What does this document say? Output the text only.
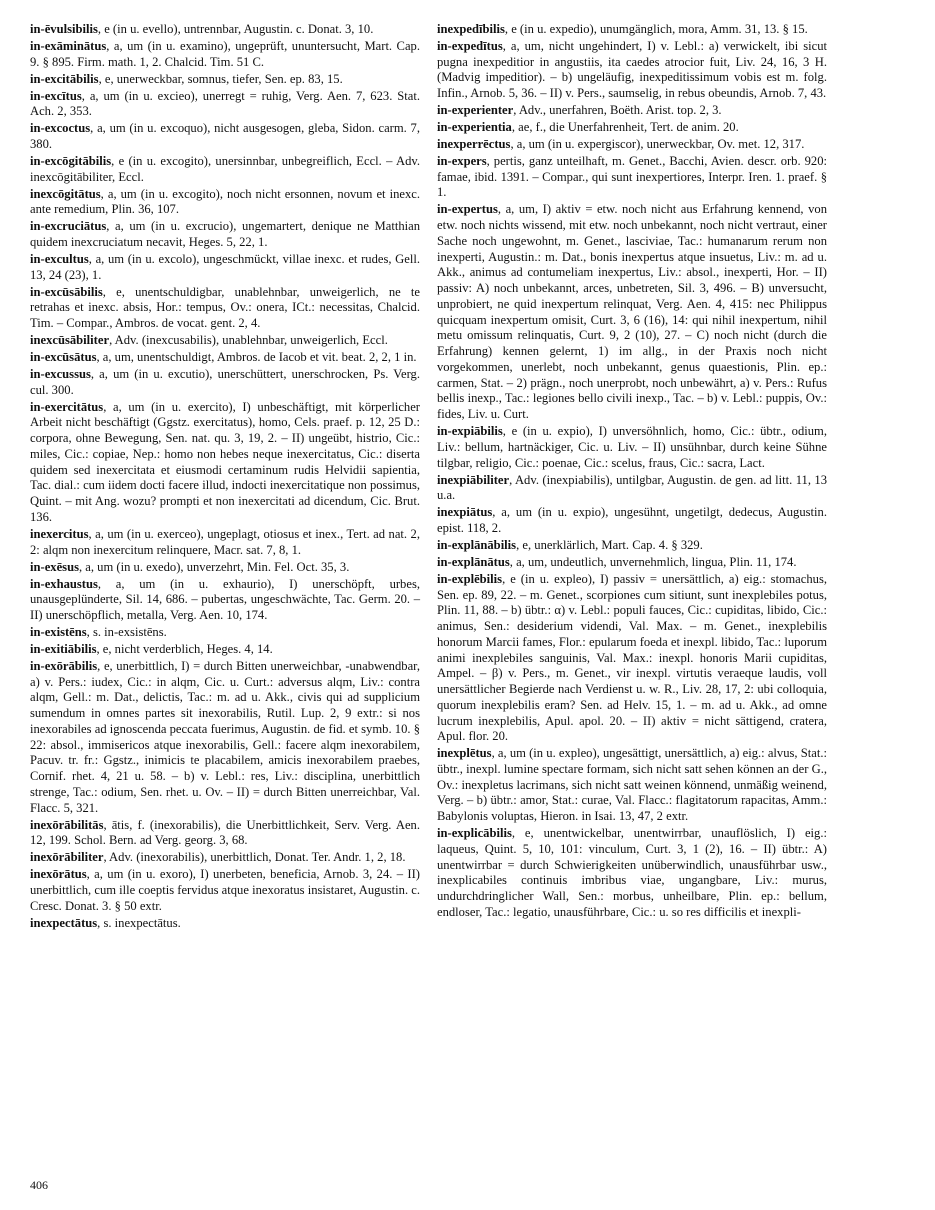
in-ēvulsibilis, e (in u. evello), untrennbar, Augustin. c. Donat. 3, 10.
in-exāminātus, a, um (in u. examino), ungeprüft, ununtersucht, Mart. Cap. 9. § 895. Firm. math. 1, 2. Chalcid. Tim. 51 C.
in-excitābilis, e, unerweckbar, somnus, tiefer, Sen. ep. 83, 15.
in-excītus, a, um (in u. excieo), unerregt = ruhig, Verg. Aen. 7, 623. Stat. Ach. 2, 353.
in-excoctus, a, um (in u. excoquo), nicht ausgesogen, gleba, Sidon. carm. 7, 380.
in-excōgitābilis, e (in u. excogito), unersinnbar, unbegreiflich, Eccl. – Adv. inexcōgitābiliter, Eccl.
inexcōgitātus, a, um (in u. excogito), noch nicht ersonnen, novum et inexc. ante remedium, Plin. 36, 107.
in-excruciātus, a, um (in u. excrucio), ungemartert, denique ne Matthian quidem inexcruciatum necavit, Heges. 5, 22, 1.
in-excultus, a, um (in u. excolo), ungeschmückt, villae inexc. et rudes, Gell. 13, 24 (23), 1.
in-excūsābilis, e, unentschuldigbar, unablehnbar, unweigerlich, ne te retrahas et inexc. absis, Hor.: tempus, Ov.: onera, ICt.: necessitas, Chalcid. Tim. – Compar., Ambros. de vocat. gent. 2, 4.
inexcūsābiliter, Adv. (inexcusabilis), unablehnbar, unweigerlich, Eccl.
in-excūsātus, a, um, unentschuldigt, Ambros. de Iacob et vit. beat. 2, 2, 1 in.
in-excussus, a, um (in u. excutio), unerschüttert, unerschrocken, Ps. Verg. cul. 300.
in-exercitātus, a, um (in u. exercito), I) unbeschäftigt, mit körperlicher Arbeit nicht beschäftigt (Ggstz. exercitatus), homo, Cels. praef. p. 12, 25 D.: corpora, ohne Bewegung, Sen. nat. qu. 3, 19, 2. – II) ungeübt, histrio, Cic.: miles, Cic.: copiae, Nep.: homo non hebes neque inexercitatus, Cic.: diserta quidem sed inexercitata et eiusmodi certaminum rudis Helvidii sapientia, Tac. dial.: cum iidem docti facere illud, indocti inexercitatique non possimus, Quint. – mit Ang. wozu? prompti et non inexercitati ad dicendum, Cic. Brut. 136.
inexercitus, a, um (in u. exerceo), ungeplagt, otiosus et inex., Tert. ad nat. 2, 2: alqm non inexercitum relinquere, Macr. sat. 7, 8, 1.
in-exēsus, a, um (in u. exedo), unverzehrt, Min. Fel. Oct. 35, 3.
in-exhaustus, a, um (in u. exhaurio), I) unerschöpft, urbes, unausgeplünderte, Sil. 14, 686. – pubertas, ungeschwächte, Tac. Germ. 20. – II) unerschöpflich, metalla, Verg. Aen. 10, 174.
in-existēns, s. in-exsistēns.
in-exitiābilis, e, nicht verderblich, Heges. 4, 14.
in-exōrābilis, e, unerbittlich, I) = durch Bitten unerweichbar, -unabwendbar, a) v. Pers.: iudex, Cic.: in alqm, Cic. u. Curt.: adversus alqm, Liv.: contra alqm, Gell.: m. Dat., delictis, Tac.: m. ad u. Akk., civis qui ad supplicium sumendum in omnes partes sit inexorabilis, Rutil. Lup. 2, 9 extr.: si nos inexorabiles ad ignoscenda peccata fuerimus, Augustin. de fid. et symb. 10. § 22: absol., immisericos atque inexorabilis, Gell.: facere alqm inexorabilem, Pacuv. tr. fr.: Ggstz., inimicis te placabilem, amicis inexorabilem praebes, Cornif. rhet. 4, 21 u. 58. – b) v. Lebl.: res, Liv.: disciplina, unerbittlich strenge, Tac.: odium, Sen. rhet. u. Ov. – II) = durch Bitten unerreichbar, Val. Flacc. 5, 321.
inexōrābilitās, ātis, f. (inexorabilis), die Unerbittlichkeit, Serv. Verg. Aen. 12, 199. Schol. Bern. ad Verg. georg. 3, 68.
inexōrābiliter, Adv. (inexorabilis), unerbittlich, Donat. Ter. Andr. 1, 2, 18.
inexōrātus, a, um (in u. exoro), I) unerbeten, beneficia, Arnob. 3, 24. – II) unerbittlich, cum ille coeptis fervidus atque inexoratus insistaret, Augustin. c. Cresc. Donat. 3. § 50 extr.
inexpectātus, s. inexpectātus.
inexpedībilis, e (in u. expedio), unumgänglich, mora, Amm. 31, 13. § 15.
in-expedītus, a, um, nicht ungehindert, I) v. Lebl.: a) verwickelt, ibi sicut pugna inexpeditior in angustiis, ita caedes atrocior fuit, Liv. 24, 16, 3 H. (Madvig impeditior). – b) ungeläufig, inexpeditissimum vobis est m. folg. Infin., Arnob. 5, 36. – II) v. Pers., saumselig, in rebus obeundis, Arnob. 7, 43.
in-experienter, Adv., unerfahren, Boëth. Arist. top. 2, 3.
in-experientia, ae, f., die Unerfahrenheit, Tert. de anim. 20.
inexperrēctus, a, um (in u. expergiscor), unerweckbar, Ov. met. 12, 317.
in-expers, pertis, ganz unteilhaft, m. Genet., Bacchi, Avien. descr. orb. 920: famae, ibid. 1391. – Compar., qui sunt inexpertiores, Interpr. Iren. 1. praef. § 1.
in-expertus, a, um, I) aktiv = etw. noch nicht aus Erfahrung kennend, von etw. noch nichts wissend, mit etw. noch unbekannt, noch nicht vertraut, einer Sache noch ungewohnt, m. Genet., lasciviae, Tac.: humanarum rerum non inexperti, Augustin.: m. Dat., bonis inexpertus atque insuetus, Liv.: m. ad u. Akk., animus ad contumeliam inexpertus, Liv.: absol., inexperti, Hor. – II) passiv: A) noch unbekannt, arces, unbetreten, Sil. 3, 496. – B) unversucht, unprobiert, ne quid inexpertum relinquat, Verg. Aen. 4, 415: nec Philippus quicquam inexpertum omisit, Curt. 3, 6 (16), 14: qui nihil inexpertum, nihil metu omissum relinquatis, Curt. 9, 2 (10), 27. – C) noch nicht (durch die Erfahrung) kennen gelernt, 1) im allg., in der Praxis noch nicht vorgekommen, unerlebt, noch unbekannt, genus quaestionis, Plin. ep.: carmen, Stat. – 2) prägn., noch unerprobt, noch unbewährt, a) v. Pers.: Rufus bellis inexp., Tac.: legiones bello civili inexp., Tac. – b) v. Lebl.: puppis, Ov.: fides, Liv. u. Curt.
in-expiābilis, e (in u. expio), I) unversöhnlich, homo, Cic.: übtr., odium, Liv.: bellum, hartnäckiger, Cic. u. Liv. – II) unsühnbar, durch keine Sühne tilgbar, religio, Cic.: poenae, Cic.: scelus, fraus, Cic.: sacra, Lact.
inexpiābiliter, Adv. (inexpiabilis), untilgbar, Augustin. de gen. ad litt. 11, 13 u.a.
inexpiātus, a, um (in u. expio), ungesühnt, ungetilgt, dedecus, Augustin. epist. 118, 2.
in-explānābilis, e, unerklärlich, Mart. Cap. 4. § 329.
in-explānātus, a, um, undeutlich, unvernehmlich, lingua, Plin. 11, 174.
in-explēbilis, e (in u. expleo), I) passiv = unersättlich, a) eig.: stomachus, Sen. ep. 89, 22. – m. Genet., scorpiones cum sitiunt, sunt inexplebiles potus, Plin. 11, 88. – b) übtr.: α) v. Lebl.: populi fauces, Cic.: cupiditas, libido, Cic.: animus, Sen.: desiderium videndi, Val. Max. – m. Genet., inexplebilis honorum Marcii fames, Flor.: epularum foeda et inexpl. libido, Tac.: luporum animi inexplebiles sanguinis, Val. Max.: inexpl. honoris Marii cupiditas, Ampel. – β) v. Pers., m. Genet., vir inexpl. virtutis veraeque laudis, voll unersättlicher Begierde nach Verdienst u. w. R., Liv. 28, 17, 2: ubi colloquia, quorum inexplebilis eram? Sen. ad Helv. 15, 1. – m. ad u. Akk., ad omne lucrum inexplebilis, Apul. apol. 20. – II) aktiv = nicht sättigend, cratera, Apul. flor. 20.
inexplētus, a, um (in u. expleo), ungesättigt, unersättlich, a) eig.: alvus, Stat.: übtr., inexpl. lumine spectare formam, sich nicht satt sehen können an der G., Ov.: inexpletus lacrimans, sich nicht satt weinen könnend, unmäßig weinend, Verg. – b) übtr.: amor, Stat.: curae, Val. Flacc.: flagitatorum rapacitas, Amm.: Babylonis voluptas, Hieron. in Isai. 13, 47, 2 extr.
in-explicābilis, e, unentwickelbar, unentwirrbar, unauflöslich, I) eig.: laqueus, Quint. 5, 10, 101: vinculum, Curt. 3, 1 (2), 16. – II) übtr.: A) unentwirrbar = durch Schwierigkeiten unüberwindlich, unausführbar usw., inexplicabiles continuis imbribus viae, ungangbare, Liv.: murus, undurchdringlicher Wall, Sen.: morbus, unheilbare, Plin. ep.: bellum, endloser, Tac.: legatio, unausführbare, Cic.: u. so res difficilis et inexpli-
406
